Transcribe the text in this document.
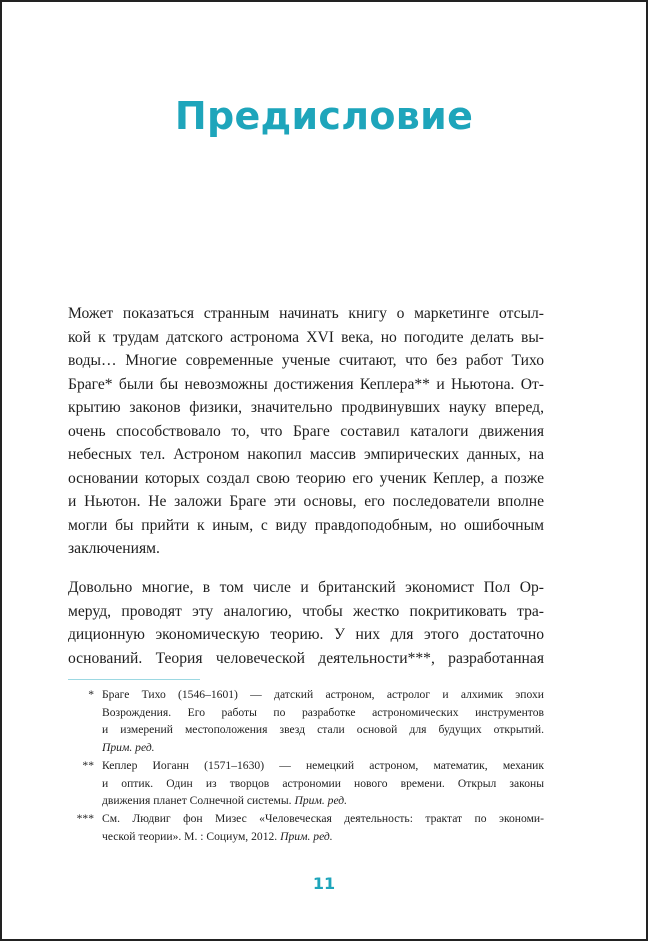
Предисловие
Может показаться странным начинать книгу о маркетинге отсыл-
кой к трудам датского астронома XVI века, но погодите делать вы-
воды… Многие современные ученые считают, что без работ Тихо
Браге* были бы невозможны достижения Кеплера** и Ньютона. От-
крытию законов физики, значительно продвинувших науку вперед,
очень способствовало то, что Браге составил каталоги движения
небесных тел. Астроном накопил массив эмпирических данных, на
основании которых создал свою теорию его ученик Кеплер, а позже
и Ньютон. Не заложи Браге эти основы, его последователи вполне
могли бы прийти к иным, с виду правдоподобным, но ошибочным
заключениям.
Довольно многие, в том числе и британский экономист Пол Ор-
меруд, проводят эту аналогию, чтобы жестко покритиковать тра-
диционную экономическую теорию. У них для этого достаточно
оснований. Теория человеческой деятельности***, разработанная
* Браге Тихо (1546–1601) — датский астроном, астролог и алхимик эпохи
Возрождения. Его работы по разработке астрономических инструментов
и измерений местоположения звезд стали основой для будущих открытий.
Прим. ред.
** Кеплер Иоганн (1571–1630) — немецкий астроном, математик, механик
и оптик. Один из творцов астрономии нового времени. Открыл законы
движения планет Солнечной системы. Прим. ред.
*** См. Людвиг фон Мизес «Человеческая деятельность: трактат по экономи-
ческой теории». М. : Социум, 2012. Прим. ред.
11
